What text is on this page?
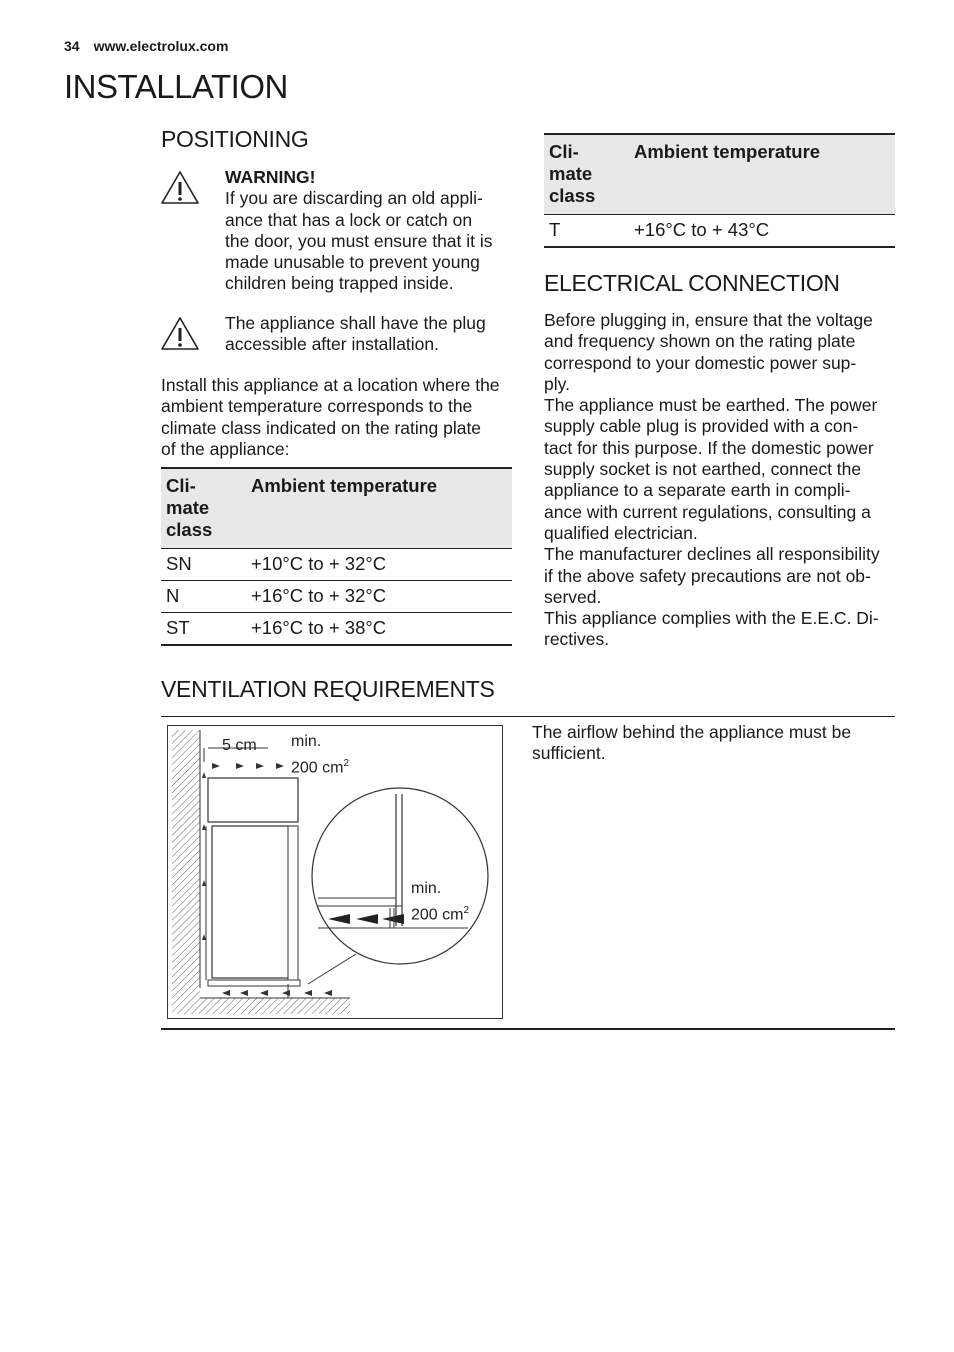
34 www.electrolux.com
INSTALLATION
POSITIONING
WARNING!
If you are discarding an old appli-
ance that has a lock or catch on
the door, you must ensure that it is
made unusable to prevent young
children being trapped inside.
The appliance shall have the plug
accessible after installation.
Install this appliance at a location where the
ambient temperature corresponds to the
climate class indicated on the rating plate
of the appliance:
Cli-
mate
class	Ambient temperature
SN	+10°C to + 32°C
N	+16°C to + 32°C
ST	+16°C to + 38°C
Cli-
mate
class	Ambient temperature
T	+16°C to + 43°C
ELECTRICAL CONNECTION
Before plugging in, ensure that the voltage
and frequency shown on the rating plate
correspond to your domestic power sup-
ply.
The appliance must be earthed. The power
supply cable plug is provided with a con-
tact for this purpose. If the domestic power
supply socket is not earthed, connect the
appliance to a separate earth in compli-
ance with current regulations, consulting a
qualified electrician.
The manufacturer declines all responsibility
if the above safety precautions are not ob-
served.
This appliance complies with the E.E.C. Di-
rectives.
VENTILATION REQUIREMENTS
The airflow behind the appliance must be
sufficient.
5 cm min.
200 $cm^2$
min.
200 $cm^2$
